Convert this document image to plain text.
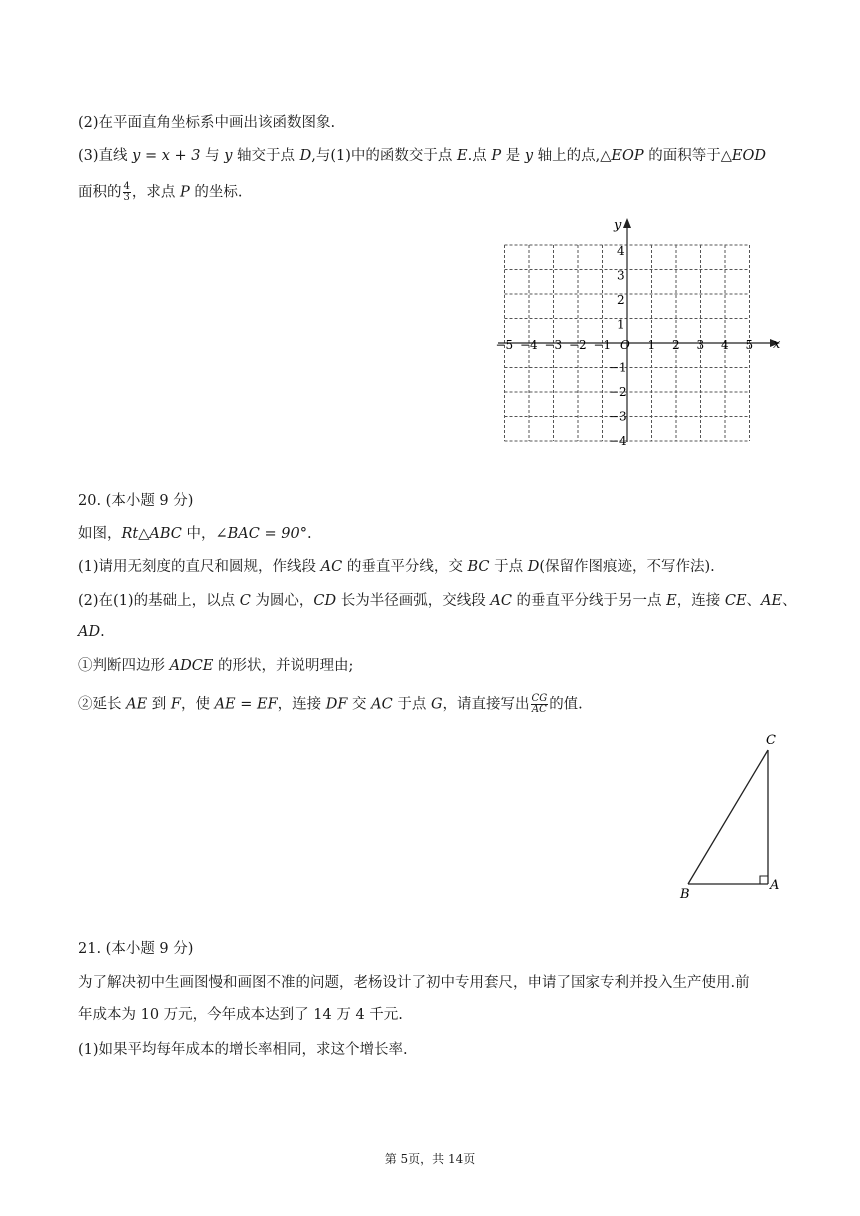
(2)在平面直角坐标系中画出该函数图象.
(3)直线 y = x + 3 与 y 轴交于点 D,与(1)中的函数交于点 E.点 P 是 y 轴上的点,△EOP 的面积等于△EOD
面积的 $\frac{4}{3}$ ，求点 P 的坐标.
x
y
O
−5 −4 −3 −2 −1	1 2 3 4 5
4
3
2
1
−1
−2
−3
−4
20. (本小题 9 分)
如图，Rt△ABC 中，∠BAC = 90°.
(1)请用无刻度的直尺和圆规，作线段 AC 的垂直平分线，交 BC 于点 D(保留作图痕迹，不写作法).
(2)在(1)的基础上，以点 C 为圆心，CD 长为半径画弧，交线段 AC 的垂直平分线于另一点 E，连接 CE、AE、
AD.
①判断四边形 ADCE 的形状，并说明理由;
②延长 AE 到 F，使 AE = EF，连接 DF 交 AC 于点 G，请直接写出 $\frac{CG}{AC}$ 的值.
B
A
C
21. (本小题 9 分)
为了解决初中生画图慢和画图不准的问题，老杨设计了初中专用套尺，申请了国家专利并投入生产使用.前
年成本为 10 万元，今年成本达到了 14 万 4 千元.
(1)如果平均每年成本的增长率相同，求这个增长率.
第 5页，共 14页
